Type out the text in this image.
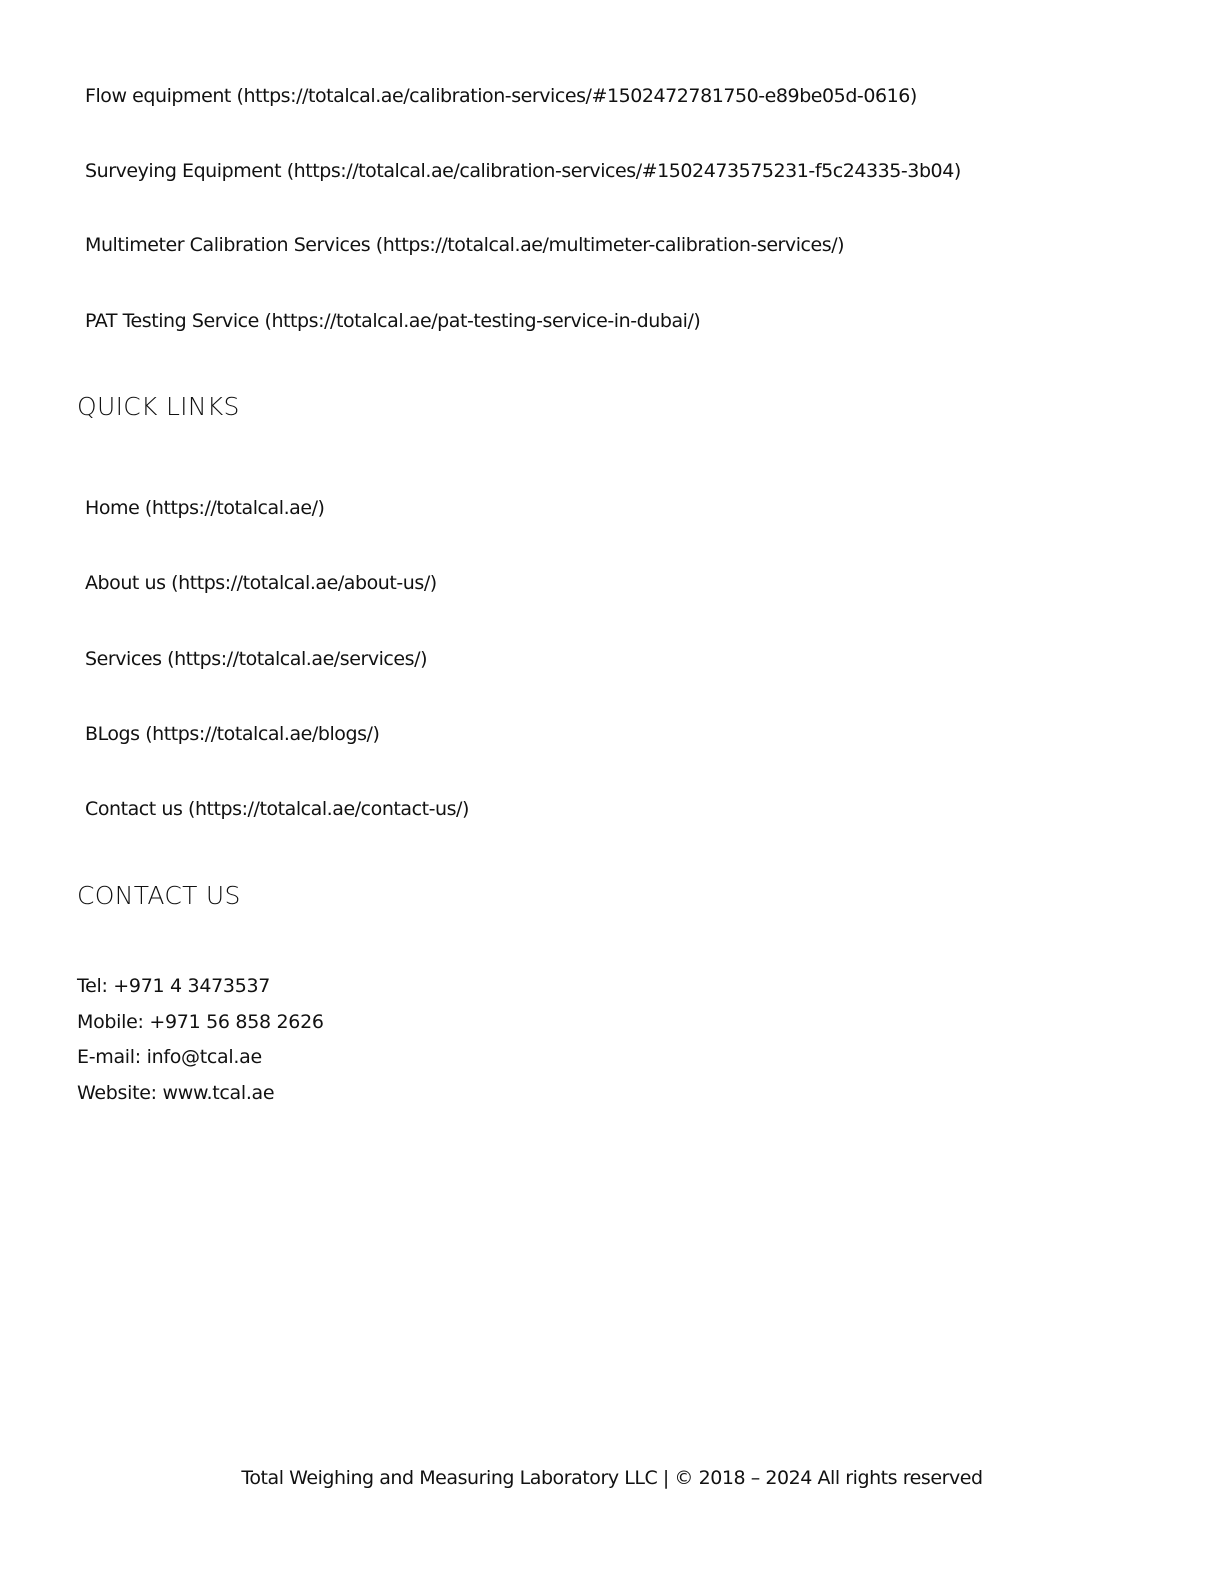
Flow equipment (https://totalcal.ae/calibration-services/#1502472781750-e89be05d-0616)
Surveying Equipment (https://totalcal.ae/calibration-services/#1502473575231-f5c24335-3b04)
Multimeter Calibration Services (https://totalcal.ae/multimeter-calibration-services/)
PAT Testing Service (https://totalcal.ae/pat-testing-service-in-dubai/)
QUICK LINKS
Home (https://totalcal.ae/)
About us (https://totalcal.ae/about-us/)
Services (https://totalcal.ae/services/)
BLogs (https://totalcal.ae/blogs/)
Contact us (https://totalcal.ae/contact-us/)
CONTACT US
Tel: +971 4 3473537
Mobile: +971 56 858 2626
E-mail: info@tcal.ae
Website: www.tcal.ae
Total Weighing and Measuring Laboratory LLC | © 2018 – 2024 All rights reserved
